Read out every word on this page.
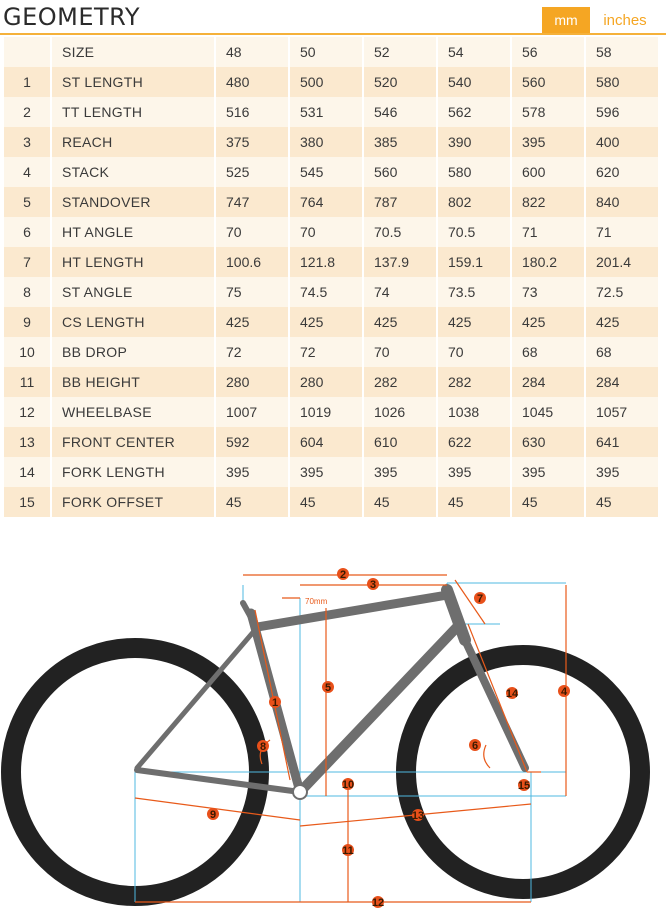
GEOMETRY	mm	inches
	SIZE	48	50	52	54	56	58
1	ST LENGTH	480	500	520	540	560	580
2	TT LENGTH	516	531	546	562	578	596
3	REACH	375	380	385	390	395	400
4	STACK	525	545	560	580	600	620
5	STANDOVER	747	764	787	802	822	840
6	HT ANGLE	70	70	70.5	70.5	71	71
7	HT LENGTH	100.6	121.8	137.9	159.1	180.2	201.4
8	ST ANGLE	75	74.5	74	73.5	73	72.5
9	CS LENGTH	425	425	425	425	425	425
10	BB DROP	72	72	70	70	68	68
11	BB HEIGHT	280	280	282	282	284	284
12	WHEELBASE	1007	1019	1026	1038	1045	1057
13	FRONT CENTER	592	604	610	622	630	641
14	FORK LENGTH	395	395	395	395	395	395
15	FORK OFFSET	45	45	45	45	45	45
70mm
1
2
3
4
5
6
7
8
9
10
11
12
13
14
15
